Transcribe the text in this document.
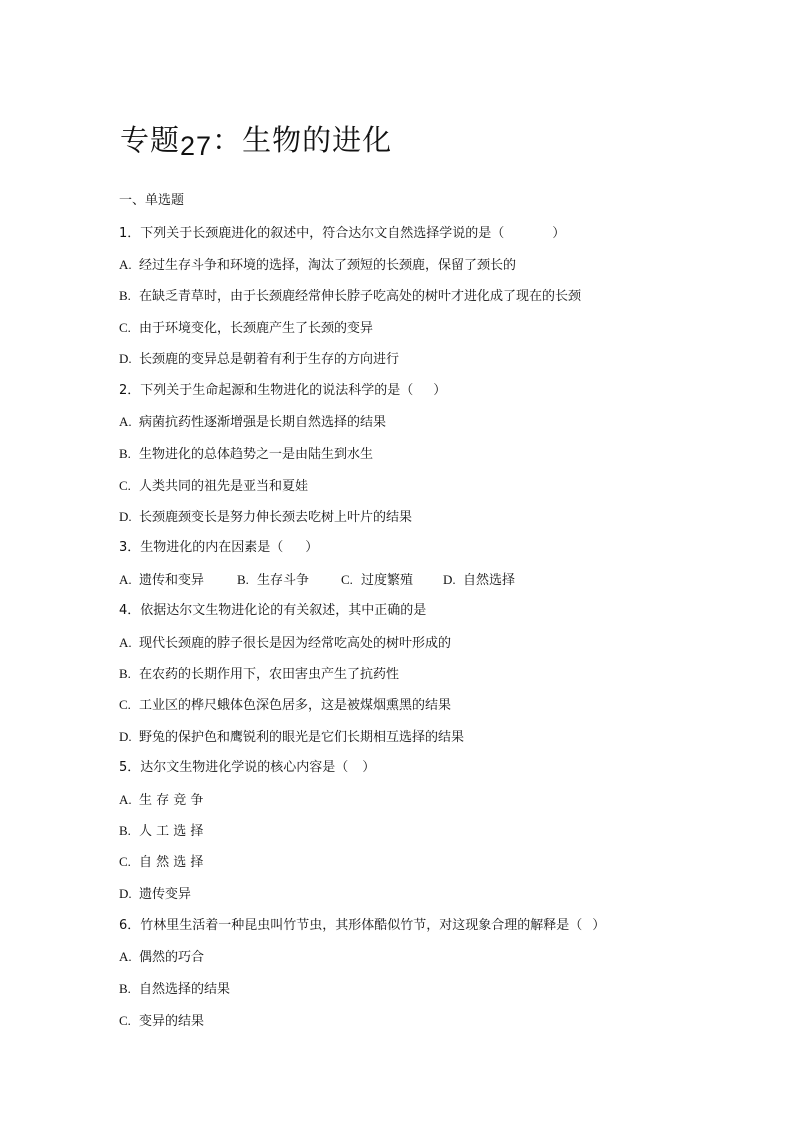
专题27：生物的进化
一、单选题
1．下列关于长颈鹿进化的叙述中，符合达尔文自然选择学说的是（	）
A. 经过生存斗争和环境的选择，淘汰了颈短的长颈鹿，保留了颈长的
B. 在缺乏青草时，由于长颈鹿经常伸长脖子吃高处的树叶才进化成了现在的长颈
C. 由于环境变化，长颈鹿产生了长颈的变异
D. 长颈鹿的变异总是朝着有利于生存的方向进行
2．下列关于生命起源和生物进化的说法科学的是（ ）
A. 病菌抗药性逐渐增强是长期自然选择的结果
B. 生物进化的总体趋势之一是由陆生到水生
C. 人类共同的祖先是亚当和夏娃
D. 长颈鹿颈变长是努力伸长颈去吃树上叶片的结果
3．生物进化的内在因素是（ ）
A. 遗传和变异	B. 生存斗争 C. 过度繁殖 D. 自然选择
4．依据达尔文生物进化论的有关叙述，其中正确的是
A. 现代长颈鹿的脖子很长是因为经常吃高处的树叶形成的
B. 在农药的长期作用下，农田害虫产生了抗药性
C. 工业区的桦尺蛾体色深色居多，这是被煤烟熏黑的结果
D. 野兔的保护色和鹰锐利的眼光是它们长期相互选择的结果
5．达尔文生物进化学说的核心内容是（ ）
A. 生 存 竞 争
B. 人 工 选 择
C. 自 然 选 择
D. 遗传变异
6．竹林里生活着一种昆虫叫竹节虫，其形体酷似竹节，对这现象合理的解释是（ ）
A. 偶然的巧合
B. 自然选择的结果
C. 变异的结果
